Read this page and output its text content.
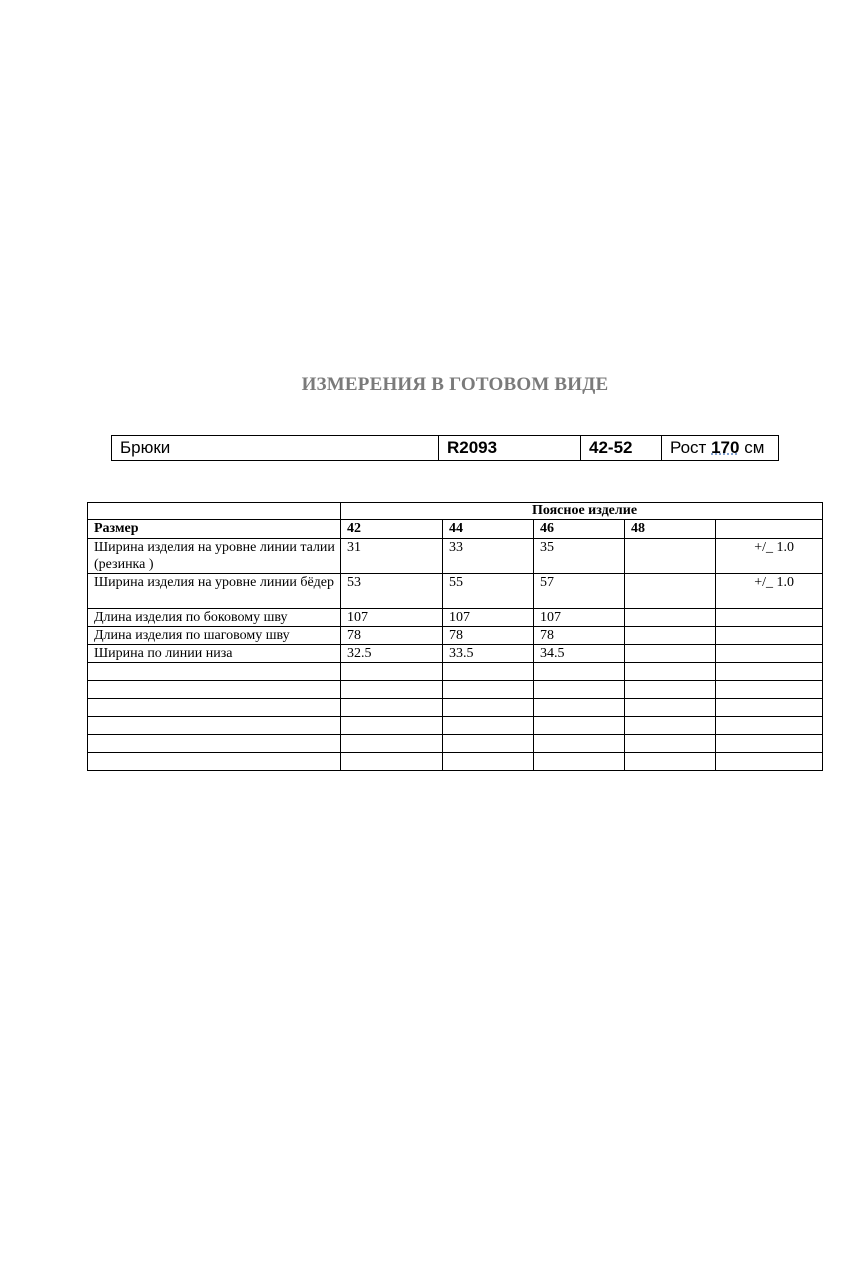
ИЗМЕРЕНИЯ В ГОТОВОМ ВИДЕ
Брюки	R2093	42-52	Рост 170 см
	Поясное изделие				
Размер	42	44	46	48	
Ширина изделия на уровне линии талии (резинка )	31	33	35		+/_ 1.0
Ширина изделия на уровне линии бёдер	53	55	57		+/_ 1.0
Длина изделия по боковому шву	107	107	107		
Длина изделия по шаговому шву	78	78	78		
Ширина по линии низа	32.5	33.5	34.5		
